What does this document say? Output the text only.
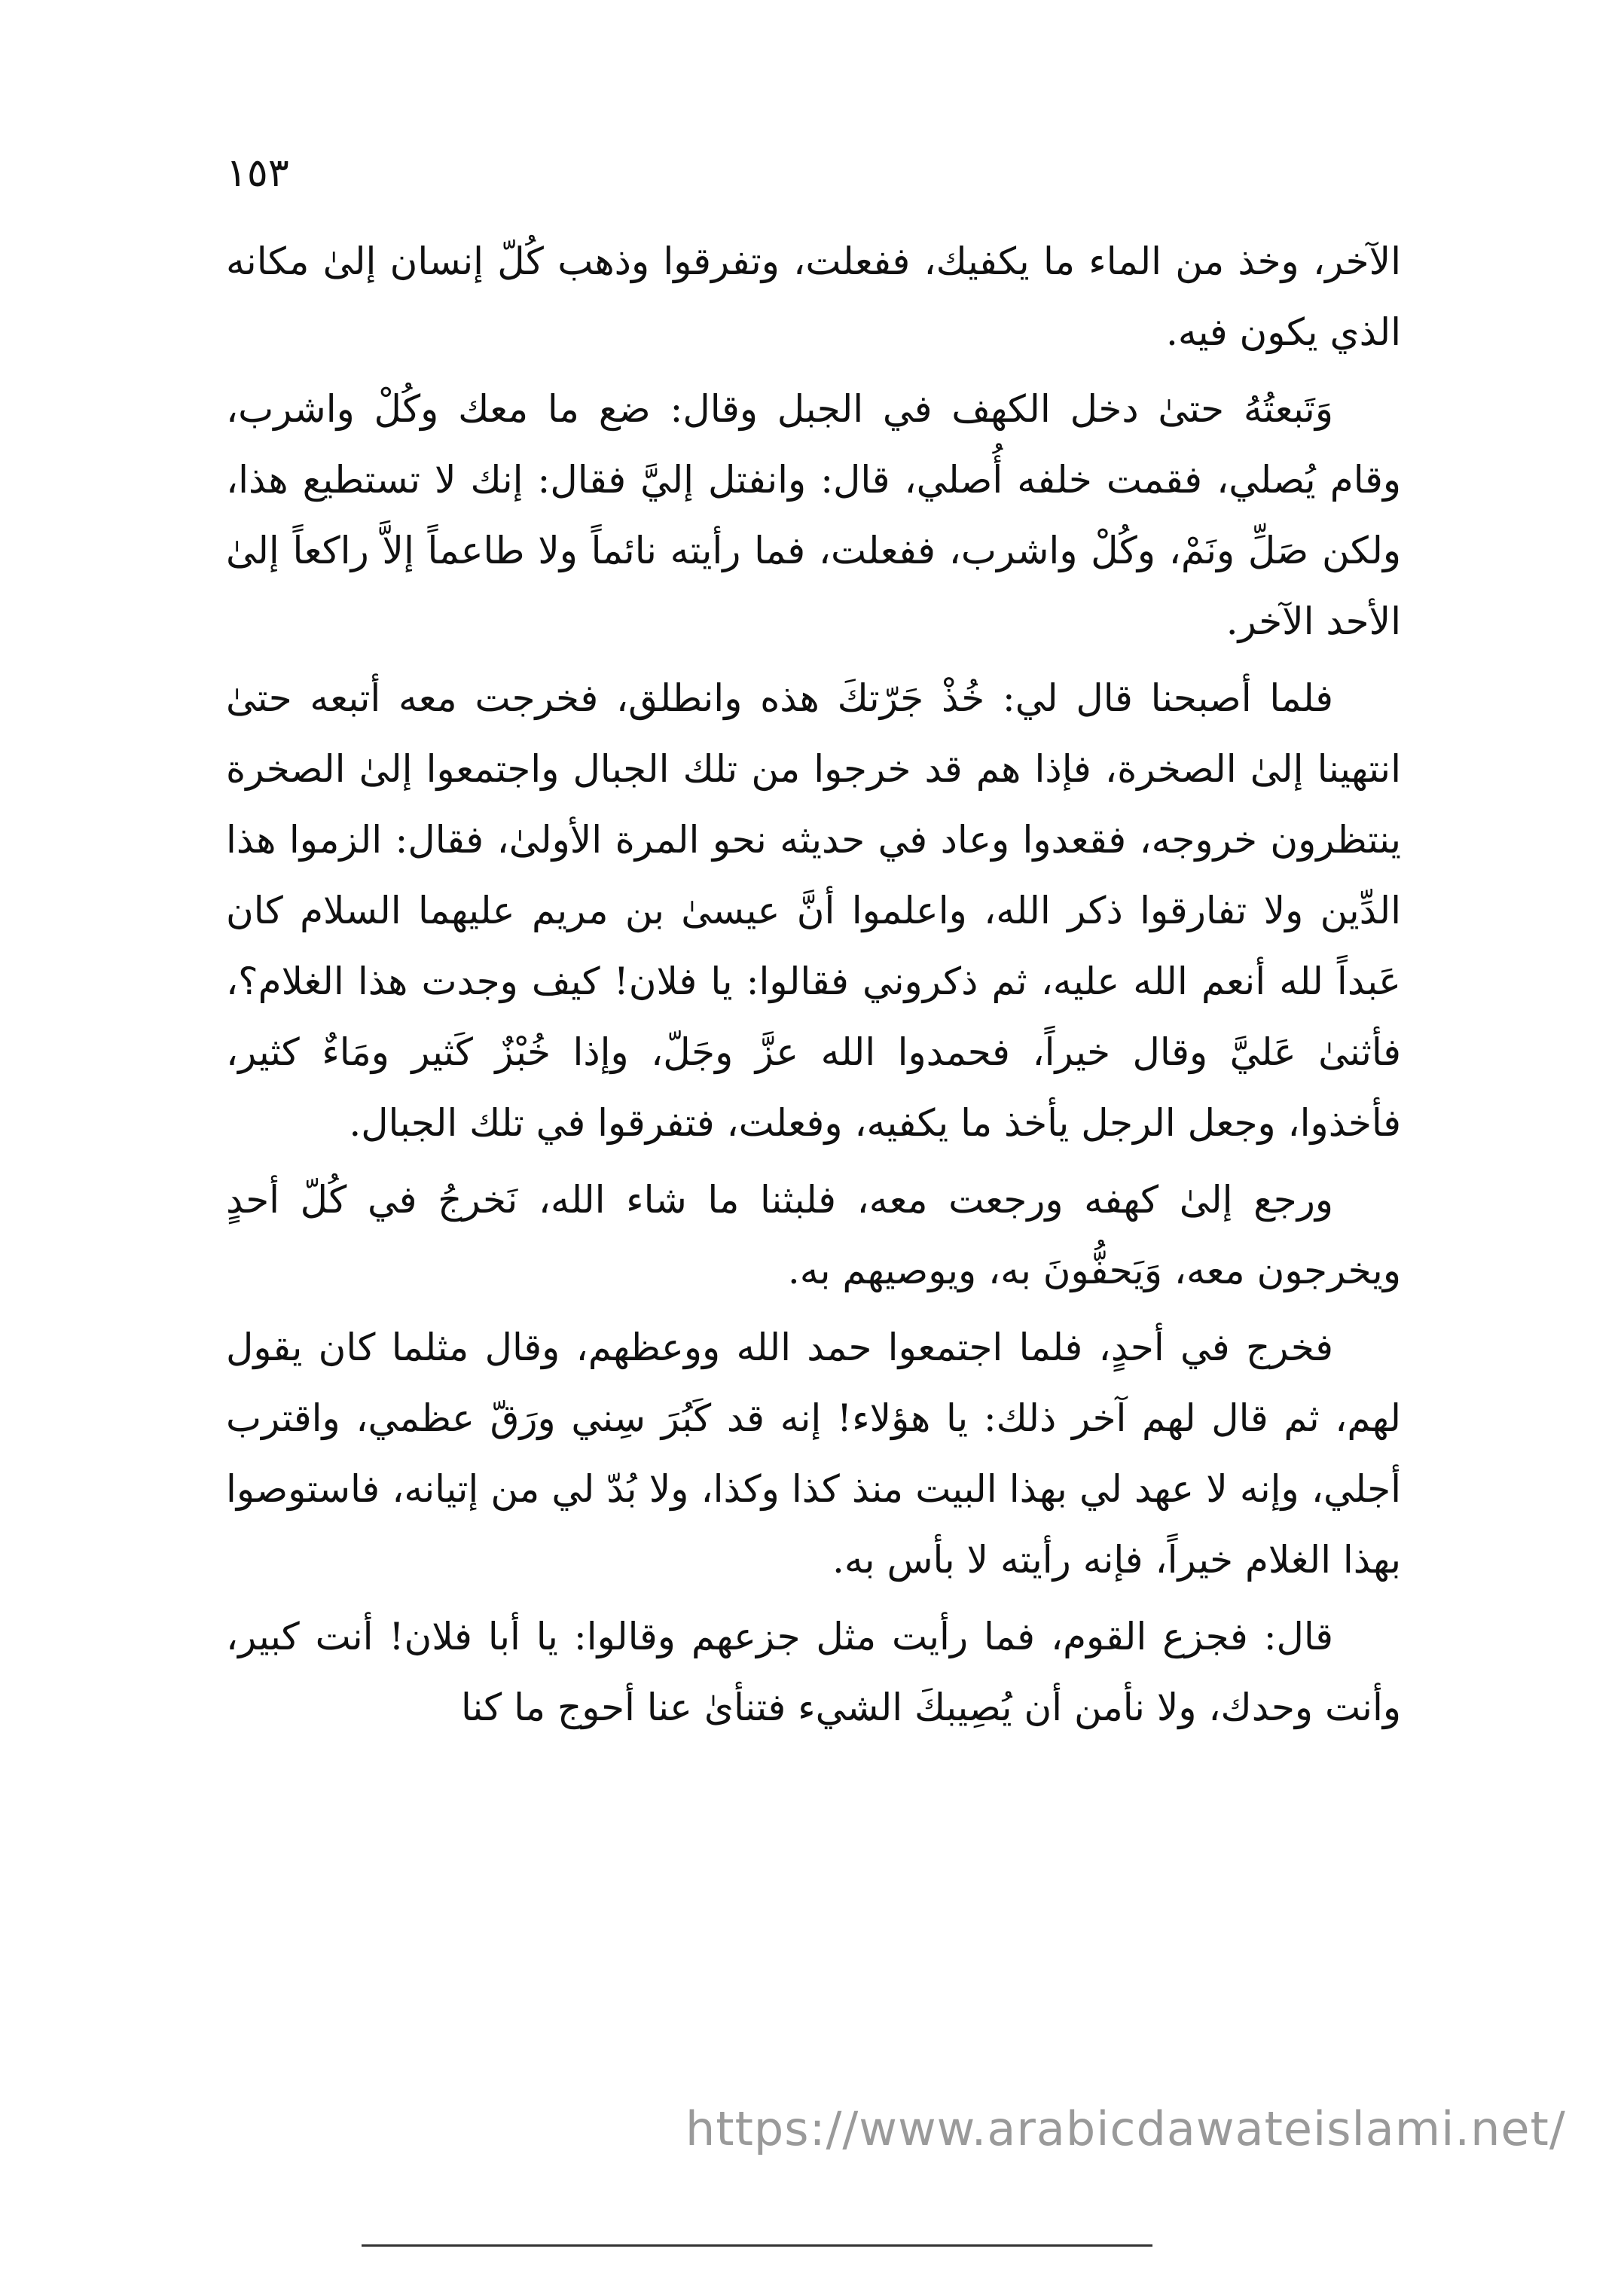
١٥٣

الآخر، وخذ من الماء ما يكفيك، ففعلت، وتفرقوا وذهب كُلّ إنسان إلىٰ مكانه الذي يكون فيه.

وَتَبعتُهُ حتىٰ دخل الكهف في الجبل وقال: ضع ما معك وكُلْ واشرب، وقام يُصلي، فقمت خلفه أُصلي، قال: وانفتل إليَّ فقال: إنك لا تستطيع هذا، ولكن صَلِّ ونَمْ، وكُلْ واشرب، ففعلت، فما رأيته نائماً ولا طاعماً إلاَّ راكعاً إلىٰ الأحد الآخر.

فلما أصبحنا قال لي: خُذْ جَرّتكَ هذه وانطلق، فخرجت معه أتبعه حتىٰ انتهينا إلىٰ الصخرة، فإذا هم قد خرجوا من تلك الجبال واجتمعوا إلىٰ الصخرة ينتظرون خروجه، فقعدوا وعاد في حديثه نحو المرة الأولىٰ، فقال: الزموا هذا الدِّين ولا تفارقوا ذكر الله، واعلموا أنَّ عيسىٰ بن مريم عليهما السلام كان عَبداً لله أنعم الله عليه، ثم ذكروني فقالوا: يا فلان! كيف وجدت هذا الغلام؟، فأثنىٰ عَليَّ وقال خيراً، فحمدوا الله عزَّ وجَلّ، وإذا خُبْزٌ كَثير ومَاءٌ كثير، فأخذوا، وجعل الرجل يأخذ ما يكفيه، وفعلت، فتفرقوا في تلك الجبال.

ورجع إلىٰ كهفه ورجعت معه، فلبثنا ما شاء الله، نَخرجُ في كُلّ أحدٍ ويخرجون معه، وَيَحفُّونَ به، ويوصيهم به.

فخرج في أحدٍ، فلما اجتمعوا حمد الله ووعظهم، وقال مثلما كان يقول لهم، ثم قال لهم آخر ذلك: يا هؤلاء! إنه قد كَبُرَ سِني ورَقّ عظمي، واقترب أجلي، وإنه لا عهد لي بهذا البيت منذ كذا وكذا، ولا بُدّ لي من إتيانه، فاستوصوا بهذا الغلام خيراً، فإنه رأيته لا بأس به.

قال: فجزع القوم، فما رأيت مثل جزعهم وقالوا: يا أبا فلان! أنت كبير، وأنت وحدك، ولا نأمن أن يُصِيبكَ الشيء فتنأىٰ عنا أحوج ما كنا

https://www.arabicdawateislami.net/
